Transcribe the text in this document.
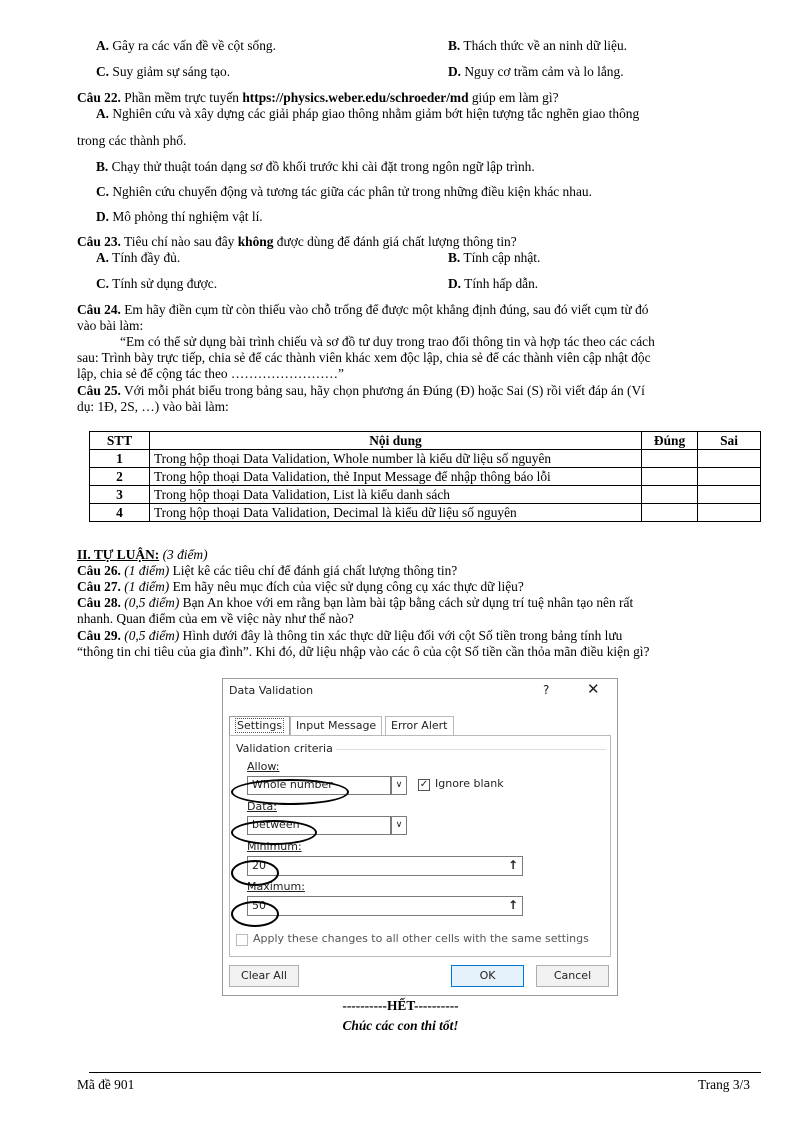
A. Gây ra các vấn đề về cột sống.	B. Thách thức về an ninh dữ liệu.
C. Suy giảm sự sáng tạo.	D. Nguy cơ trầm cảm và lo lắng.
Câu 22. Phần mềm trực tuyến https://physics.weber.edu/schroeder/md giúp em làm gì?
A. Nghiên cứu và xây dựng các giải pháp giao thông nhằm giảm bớt hiện tượng tắc nghẽn giao thông
trong các thành phố.
B. Chạy thử thuật toán dạng sơ đồ khối trước khi cài đặt trong ngôn ngữ lập trình.
C. Nghiên cứu chuyển động và tương tác giữa các phân tử trong những điều kiện khác nhau.
D. Mô phỏng thí nghiệm vật lí.
Câu 23. Tiêu chí nào sau đây không được dùng để đánh giá chất lượng thông tin?
A. Tính đầy đủ.	B. Tính cập nhật.
C. Tính sử dụng được.	D. Tính hấp dẫn.
Câu 24. Em hãy điền cụm từ còn thiếu vào chỗ trống để được một khẳng định đúng, sau đó viết cụm từ đó
vào bài làm:
“Em có thể sử dụng bài trình chiếu và sơ đồ tư duy trong trao đổi thông tin và hợp tác theo các cách
sau: Trình bày trực tiếp, chia sẻ để các thành viên khác xem độc lập, chia sẻ để các thành viên cập nhật độc
lập, chia sẻ để cộng tác theo ……………………”
Câu 25. Với mỗi phát biểu trong bảng sau, hãy chọn phương án Đúng (Đ) hoặc Sai (S) rồi viết đáp án (Ví
dụ: 1Đ, 2S, …) vào bài làm:
STT	Nội dung	Đúng	Sai
1	Trong hộp thoại Data Validation, Whole number là kiểu dữ liệu số nguyên		
2	Trong hộp thoại Data Validation, thẻ Input Message để nhập thông báo lỗi		
3	Trong hộp thoại Data Validation, List là kiểu danh sách		
4	Trong hộp thoại Data Validation, Decimal là kiểu dữ liệu số nguyên		
II. TỰ LUẬN: (3 điểm)
Câu 26. (1 điểm) Liệt kê các tiêu chí để đánh giá chất lượng thông tin?
Câu 27. (1 điểm) Em hãy nêu mục đích của việc sử dụng công cụ xác thực dữ liệu?
Câu 28. (0,5 điểm) Bạn An khoe với em rằng bạn làm bài tập bằng cách sử dụng trí tuệ nhân tạo nên rất
nhanh. Quan điểm của em về việc này như thế nào?
Câu 29. (0,5 điểm) Hình dưới đây là thông tin xác thực dữ liệu đối với cột Số tiền trong bảng tính lưu
“thông tin chi tiêu của gia đình”. Khi đó, dữ liệu nhập vào các ô của cột Số tiền cần thỏa mãn điều kiện gì?
Data Validation	?	✕
Settings	Input Message	Error Alert
Validation criteria
Allow:
Whole number	∨	✓ Ignore blank
Data:
between	∨
Minimum:
20	↑
Maximum:
50	↑
Apply these changes to all other cells with the same settings
Clear All	OK	Cancel
----------HẾT----------
Chúc các con thi tốt!
Mã đề 901	Trang 3/3
